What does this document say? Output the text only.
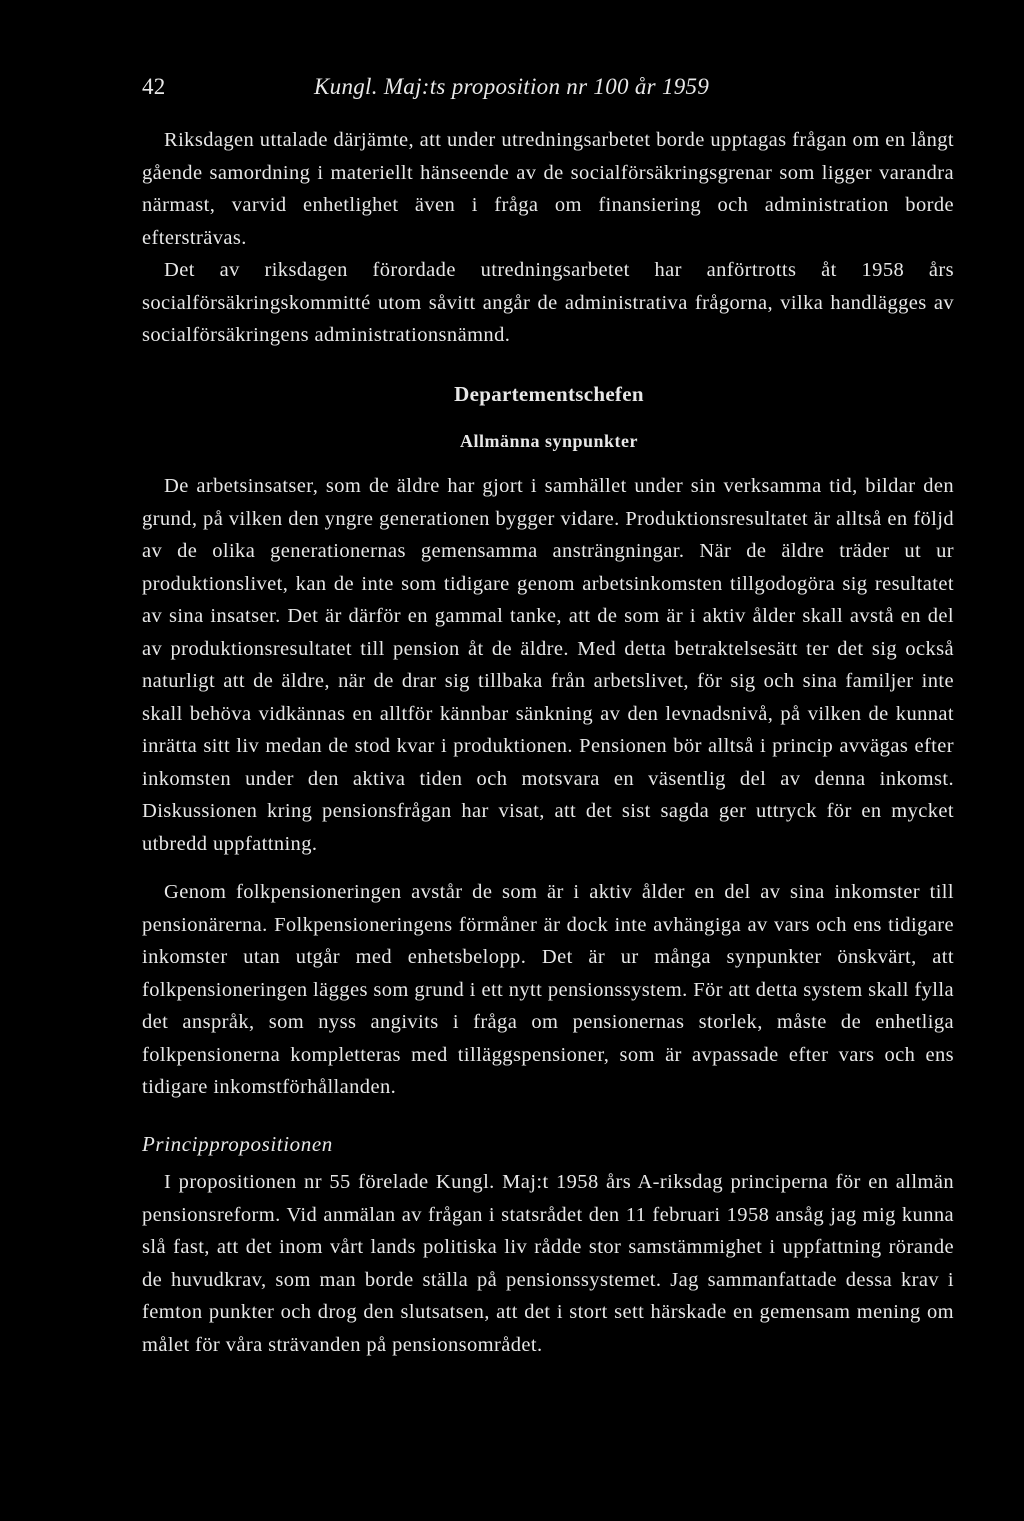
42	Kungl. Maj:ts proposition nr 100 år 1959

Riksdagen uttalade därjämte, att under utredningsarbetet borde upptagas frågan om en långt gående samordning i materiellt hänseende av de socialförsäkringsgrenar som ligger varandra närmast, varvid enhetlighet även i fråga om finansiering och administration borde eftersträvas.

Det av riksdagen förordade utredningsarbetet har anförtrotts åt 1958 års socialförsäkringskommitté utom såvitt angår de administrativa frågorna, vilka handlägges av socialförsäkringens administrationsnämnd.

Departementschefen
Allmänna synpunkter

De arbetsinsatser, som de äldre har gjort i samhället under sin verksamma tid, bildar den grund, på vilken den yngre generationen bygger vidare. Produktionsresultatet är alltså en följd av de olika generationernas gemensamma ansträngningar. När de äldre träder ut ur produktionslivet, kan de inte som tidigare genom arbetsinkomsten tillgodogöra sig resultatet av sina insatser. Det är därför en gammal tanke, att de som är i aktiv ålder skall avstå en del av produktionsresultatet till pension åt de äldre. Med detta betraktelsesätt ter det sig också naturligt att de äldre, när de drar sig tillbaka från arbetslivet, för sig och sina familjer inte skall behöva vidkännas en alltför kännbar sänkning av den levnadsnivå, på vilken de kunnat inrätta sitt liv medan de stod kvar i produktionen. Pensionen bör alltså i princip avvägas efter inkomsten under den aktiva tiden och motsvara en väsentlig del av denna inkomst. Diskussionen kring pensionsfrågan har visat, att det sist sagda ger uttryck för en mycket utbredd uppfattning.

Genom folkpensioneringen avstår de som är i aktiv ålder en del av sina inkomster till pensionärerna. Folkpensioneringens förmåner är dock inte avhängiga av vars och ens tidigare inkomster utan utgår med enhetsbelopp. Det är ur många synpunkter önskvärt, att folkpensioneringen lägges som grund i ett nytt pensionssystem. För att detta system skall fylla det anspråk, som nyss angivits i fråga om pensionernas storlek, måste de enhetliga folkpensionerna kompletteras med tilläggspensioner, som är avpassade efter vars och ens tidigare inkomstförhållanden.

Princippropositionen

I propositionen nr 55 förelade Kungl. Maj:t 1958 års A-riksdag principerna för en allmän pensionsreform. Vid anmälan av frågan i statsrådet den 11 februari 1958 ansåg jag mig kunna slå fast, att det inom vårt lands politiska liv rådde stor samstämmighet i uppfattning rörande de huvudkrav, som man borde ställa på pensionssystemet. Jag sammanfattade dessa krav i femton punkter och drog den slutsatsen, att det i stort sett härskade en gemensam mening om målet för våra strävanden på pensionsområdet.
